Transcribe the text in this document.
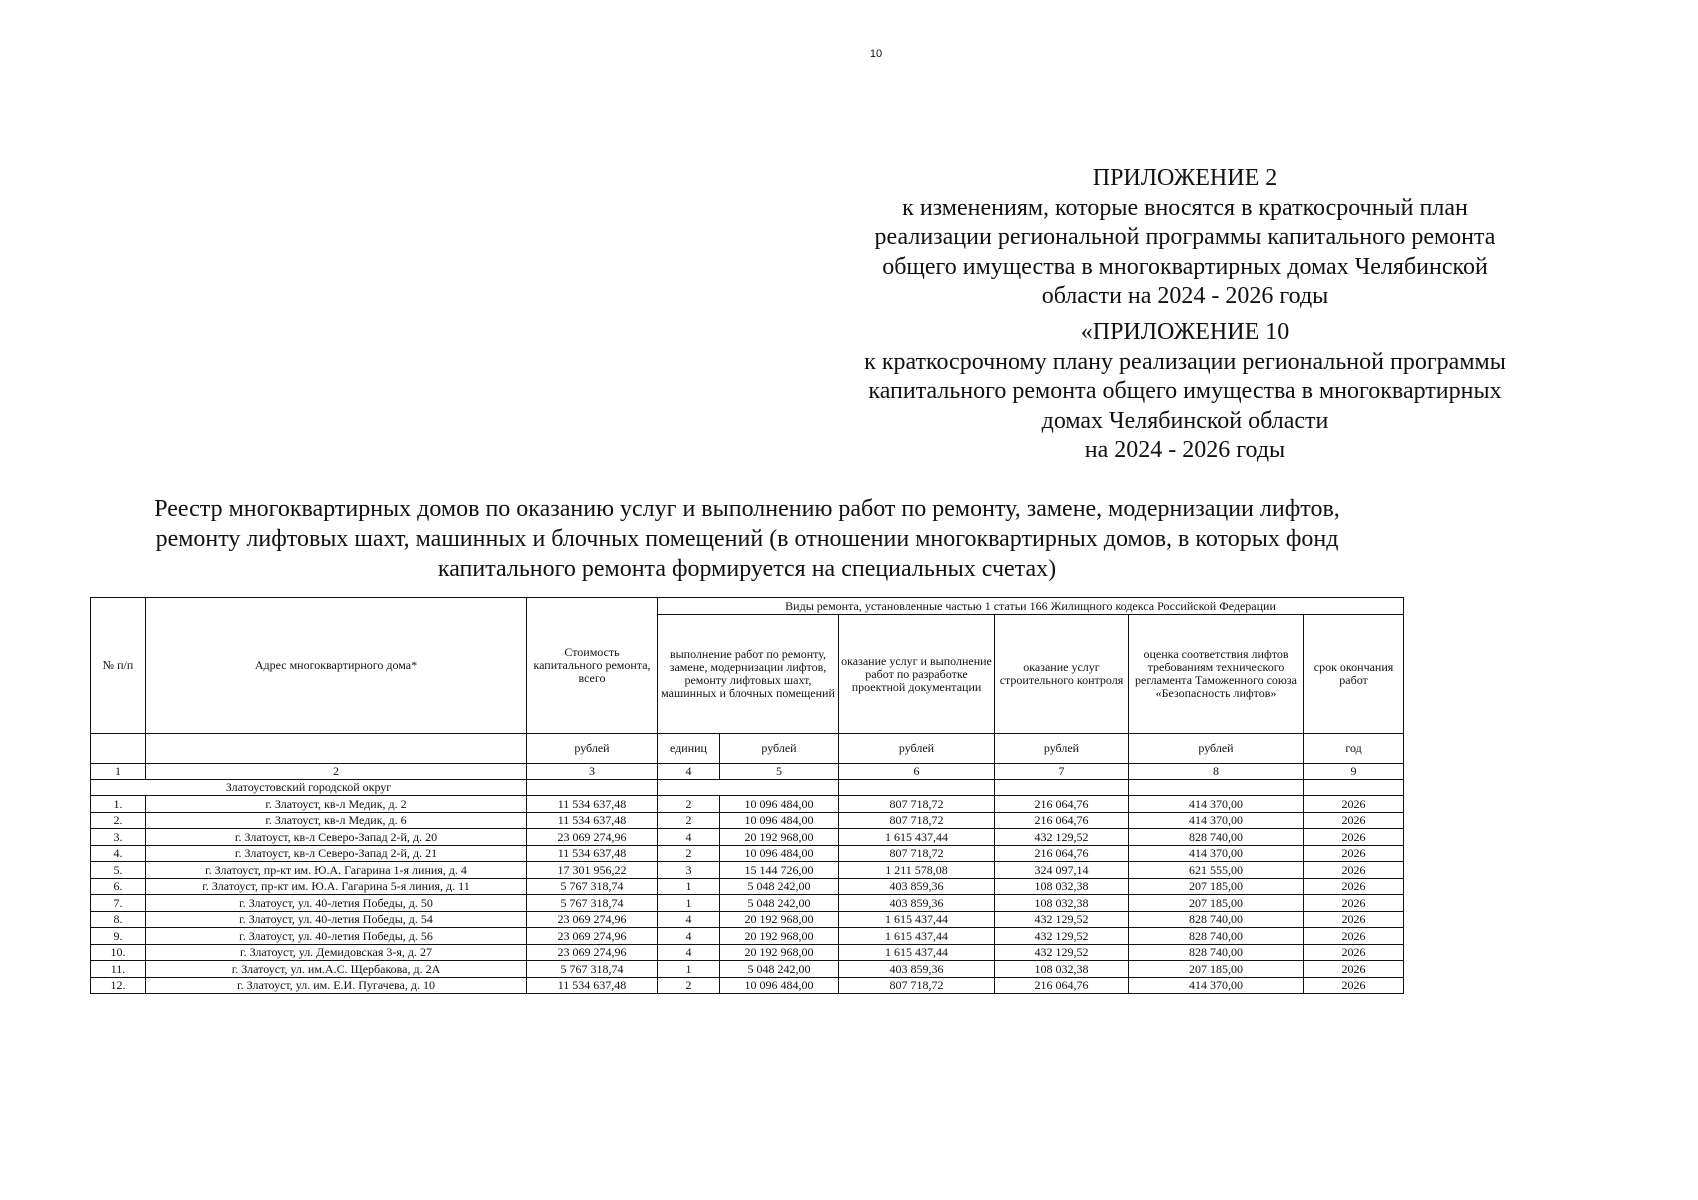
10
ПРИЛОЖЕНИЕ 2
к изменениям, которые вносятся в краткосрочный план
реализации региональной программы капитального ремонта
общего имущества в многоквартирных домах Челябинской
области на 2024 - 2026 годы
«ПРИЛОЖЕНИЕ 10
к краткосрочному плану реализации региональной программы
капитального ремонта общего имущества в многоквартирных
домах Челябинской области
на 2024 - 2026 годы
Реестр многоквартирных домов по оказанию услуг и выполнению работ по ремонту, замене, модернизации лифтов,
ремонту лифтовых шахт, машинных и блочных помещений (в отношении многоквартирных домов, в которых фонд
капитального ремонта формируется на специальных счетах)
№ п/п	Адрес многоквартирного дома*	Стоимость капитального ремонта, всего	Виды ремонта, установленные частью 1 статьи 166 Жилищного кодекса Российской Федерации					
			выполнение работ по ремонту, замене, модернизации лифтов, ремонту лифтовых шахт, машинных и блочных помещений		оказание услуг и выполнение работ по разработке проектной документации	оказание услуг строительного контроля	оценка соответствия лифтов требованиям технического регламента Таможенного союза «Безопасность лифтов»	срок окончания работ
		рублей	единиц	рублей	рублей	рублей	рублей	год
1	2	3	4	5	6	7	8	9
Златоустовский городской округ								
1.	г. Златоуст, кв-л Медик, д. 2	11 534 637,48	2	10 096 484,00	807 718,72	216 064,76	414 370,00	2026
2.	г. Златоуст, кв-л Медик, д. 6	11 534 637,48	2	10 096 484,00	807 718,72	216 064,76	414 370,00	2026
3.	г. Златоуст, кв-л Северо-Запад 2-й, д. 20	23 069 274,96	4	20 192 968,00	1 615 437,44	432 129,52	828 740,00	2026
4.	г. Златоуст, кв-л Северо-Запад 2-й, д. 21	11 534 637,48	2	10 096 484,00	807 718,72	216 064,76	414 370,00	2026
5.	г. Златоуст, пр-кт им. Ю.А. Гагарина 1-я линия, д. 4	17 301 956,22	3	15 144 726,00	1 211 578,08	324 097,14	621 555,00	2026
6.	г. Златоуст, пр-кт им. Ю.А. Гагарина 5-я линия, д. 11	5 767 318,74	1	5 048 242,00	403 859,36	108 032,38	207 185,00	2026
7.	г. Златоуст, ул. 40-летия Победы, д. 50	5 767 318,74	1	5 048 242,00	403 859,36	108 032,38	207 185,00	2026
8.	г. Златоуст, ул. 40-летия Победы, д. 54	23 069 274,96	4	20 192 968,00	1 615 437,44	432 129,52	828 740,00	2026
9.	г. Златоуст, ул. 40-летия Победы, д. 56	23 069 274,96	4	20 192 968,00	1 615 437,44	432 129,52	828 740,00	2026
10.	г. Златоуст, ул. Демидовская 3-я, д. 27	23 069 274,96	4	20 192 968,00	1 615 437,44	432 129,52	828 740,00	2026
11.	г. Златоуст, ул. им.А.С. Щербакова, д. 2А	5 767 318,74	1	5 048 242,00	403 859,36	108 032,38	207 185,00	2026
12.	г. Златоуст, ул. им. Е.И. Пугачева, д. 10	11 534 637,48	2	10 096 484,00	807 718,72	216 064,76	414 370,00	2026
